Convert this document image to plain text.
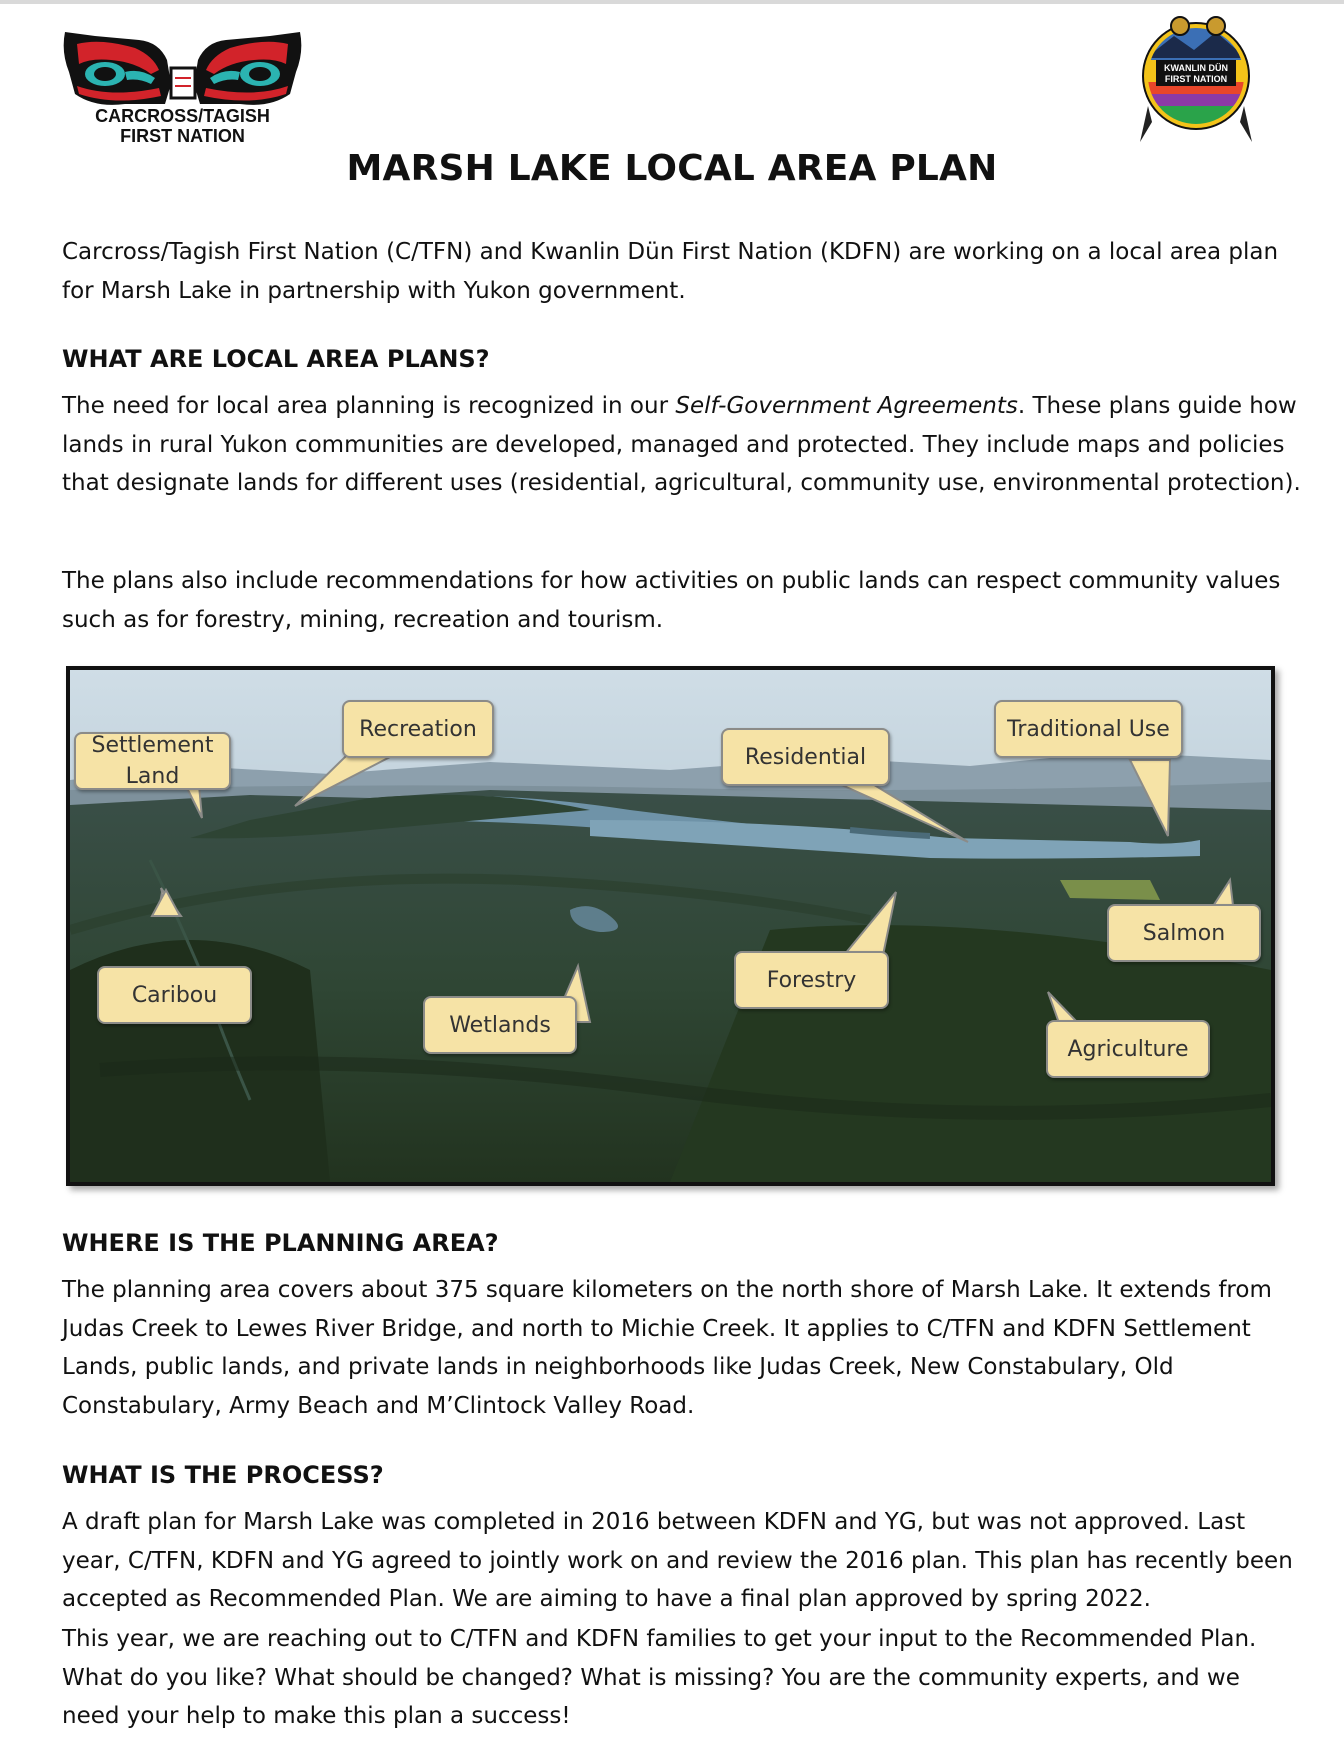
CARCROSS/TAGISH
FIRST NATION
KWANLIN DÜN
FIRST NATION
MARSH LAKE LOCAL AREA PLAN

Carcross/Tagish First Nation (C/TFN) and Kwanlin Dün First Nation (KDFN) are working on a local area plan for Marsh Lake in partnership with Yukon government.

WHAT ARE LOCAL AREA PLANS?

The need for local area planning is recognized in our Self-Government Agreements. These plans guide how lands in rural Yukon communities are developed, managed and protected. They include maps and policies that designate lands for different uses (residential, agricultural, community use, environmental protection).

The plans also include recommendations for how activities on public lands can respect community values such as for forestry, mining, recreation and tourism.

Settlement
Land
Recreation
Residential
Traditional Use
Salmon
Caribou
Wetlands
Forestry
Agriculture
WHERE IS THE PLANNING AREA?

The planning area covers about 375 square kilometers on the north shore of Marsh Lake. It extends from Judas Creek to Lewes River Bridge, and north to Michie Creek. It applies to C/TFN and KDFN Settlement Lands, public lands, and private lands in neighborhoods like Judas Creek, New Constabulary, Old Constabulary, Army Beach and M’Clintock Valley Road.

WHAT IS THE PROCESS?

A draft plan for Marsh Lake was completed in 2016 between KDFN and YG, but was not approved. Last year, C/TFN, KDFN and YG agreed to jointly work on and review the 2016 plan. This plan has recently been accepted as Recommended Plan. We are aiming to have a final plan approved by spring 2022.

This year, we are reaching out to C/TFN and KDFN families to get your input to the Recommended Plan. What do you like? What should be changed? What is missing? You are the community experts, and we need your help to make this plan a success!
